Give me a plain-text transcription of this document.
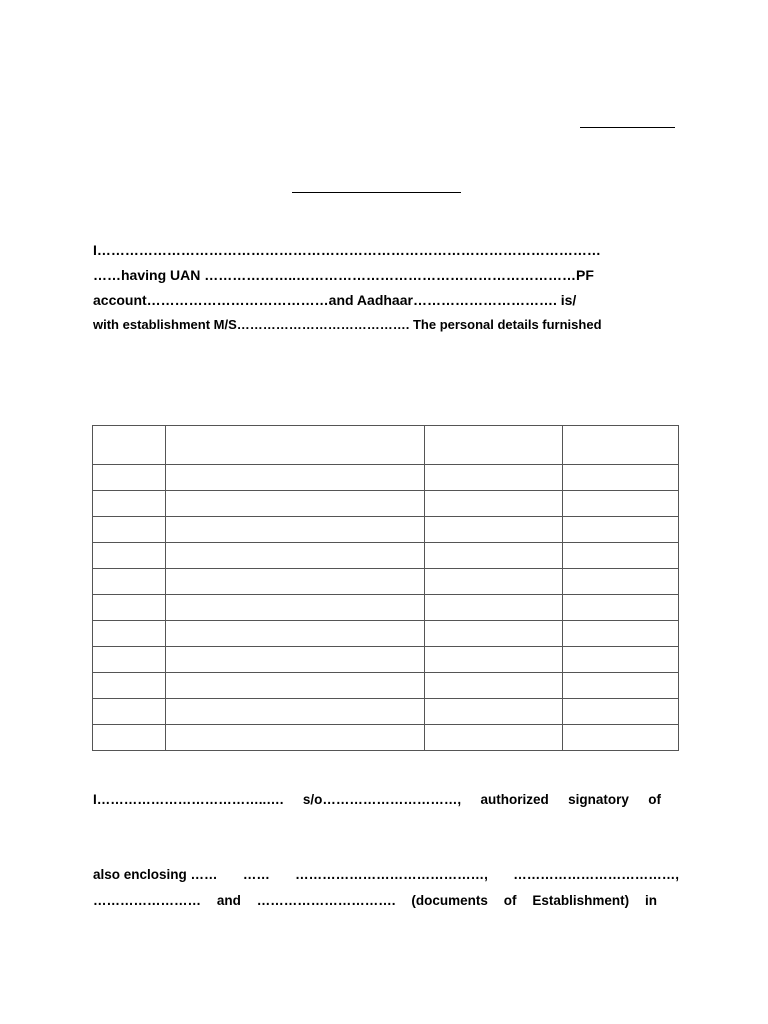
I………………………………………………………………………………………………
……having UAN ………………..……………………………………………………PF
account…………………………………and Aadhaar…………………………. is/
with establishment M/S…………………………………. The personal details furnished

I………………………………..…. s/o…………………………, authorized signatory of
also enclosing …… …… ……………………………………, ………………………………,
…………………… and …………………………. (documents of Establishment) in
